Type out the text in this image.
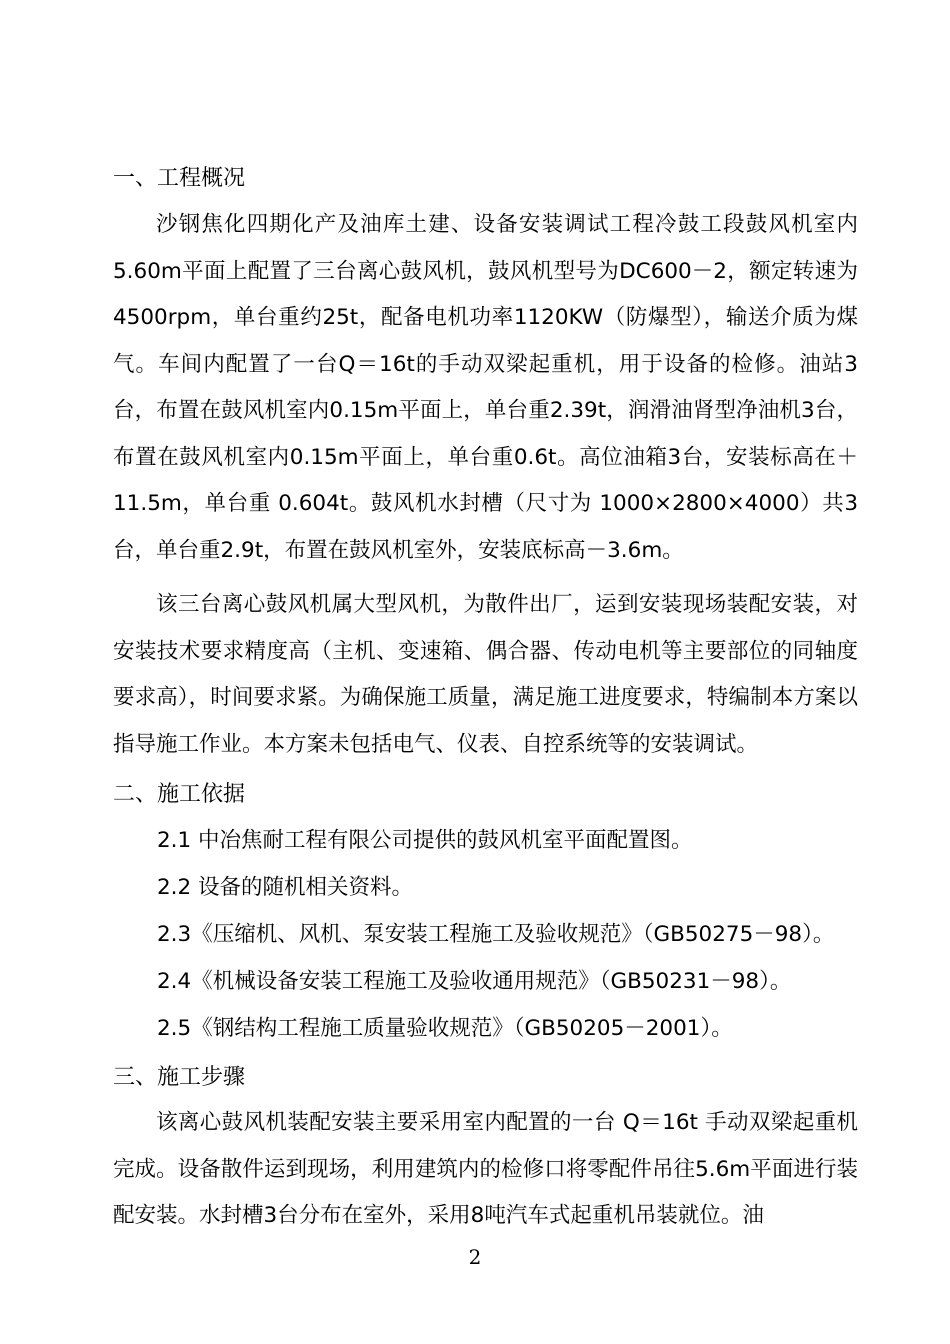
一、工程概况
沙钢焦化四期化产及油库土建、设备安装调试工程冷鼓工段鼓风机室内5.60m平面上配置了三台离心鼓风机，鼓风机型号为DC600－2，额定转速为4500rpm，单台重约25t，配备电机功率1120KW（防爆型），输送介质为煤气。车间内配置了一台Q＝16t的手动双梁起重机，用于设备的检修。油站3台，布置在鼓风机室内0.15m平面上，单台重2.39t，润滑油肾型净油机3台，布置在鼓风机室内0.15m平面上，单台重0.6t。高位油箱3台，安装标高在＋11.5m，单台重 0.604t。鼓风机水封槽（尺寸为 1000×2800×4000）共3台，单台重2.9t，布置在鼓风机室外，安装底标高－3.6m。
该三台离心鼓风机属大型风机，为散件出厂，运到安装现场装配安装，对安装技术要求精度高（主机、变速箱、偶合器、传动电机等主要部位的同轴度要求高），时间要求紧。为确保施工质量，满足施工进度要求，特编制本方案以指导施工作业。本方案未包括电气、仪表、自控系统等的安装调试。
二、施工依据
2.1 中冶焦耐工程有限公司提供的鼓风机室平面配置图。
2.2 设备的随机相关资料。
2.3《压缩机、风机、泵安装工程施工及验收规范》（GB50275－98）。
2.4《机械设备安装工程施工及验收通用规范》（GB50231－98）。
2.5《钢结构工程施工质量验收规范》（GB50205－2001）。
三、施工步骤
该离心鼓风机装配安装主要采用室内配置的一台 Q＝16t 手动双梁起重机完成。设备散件运到现场，利用建筑内的检修口将零配件吊往5.6m平面进行装配安装。水封槽3台分布在室外，采用8吨汽车式起重机吊装就位。油
2
